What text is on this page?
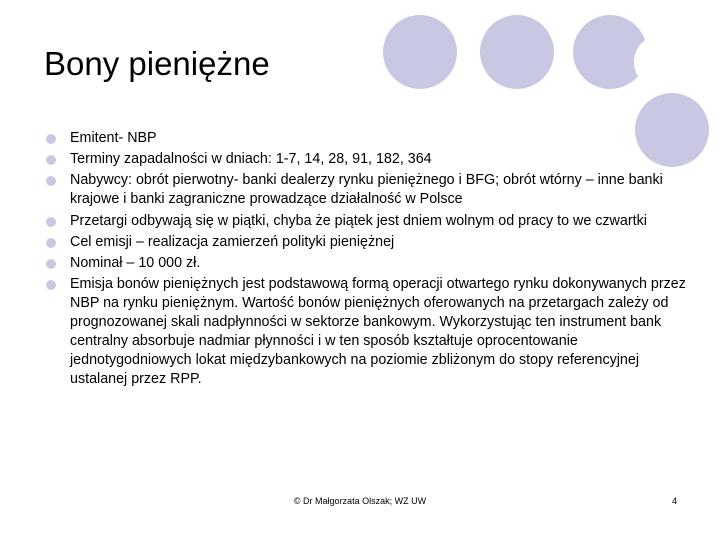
Bony pieniężne
Emitent- NBP
Terminy zapadalności w dniach: 1-7, 14, 28, 91, 182, 364
Nabywcy: obrót pierwotny- banki dealerzy rynku pieniężnego i BFG; obrót wtórny – inne banki krajowe i banki zagraniczne prowadzące działalność w Polsce
Przetargi odbywają się w piątki, chyba że piątek jest dniem wolnym od pracy to we czwartki
Cel emisji – realizacja zamierzeń polityki pieniężnej
Nominał – 10 000 zł.
Emisja bonów pieniężnych jest podstawową formą operacji otwartego rynku dokonywanych przez NBP na rynku pieniężnym. Wartość bonów pieniężnych oferowanych na przetargach zależy od prognozowanej skali nadpłynności w sektorze bankowym. Wykorzystując ten instrument bank centralny absorbuje nadmiar płynności i w ten sposób kształtuje oprocentowanie jednotygodniowych lokat międzybankowych na poziomie zbliżonym do stopy referencyjnej ustalanej przez RPP.
© Dr Małgorzata Olszak; WZ UW	4
